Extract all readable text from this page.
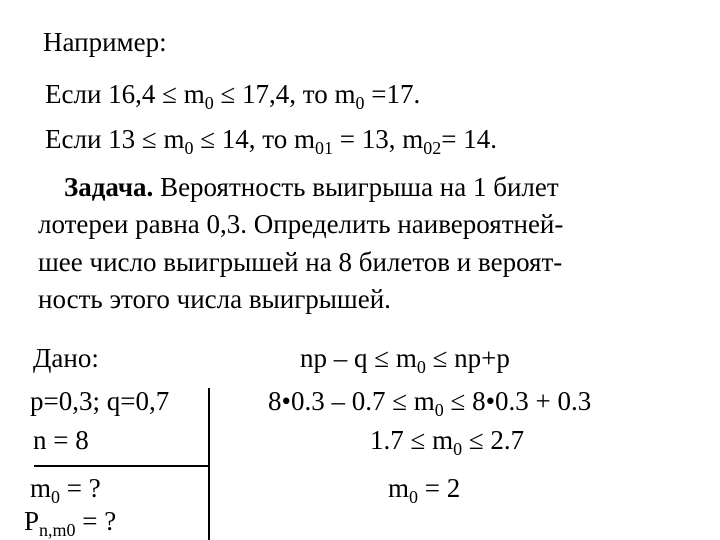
Например:
Если $16,4 \le m_0 \le 17,4$, то $m_0 =17$.
Если $13 \le m_0 \le 14$, то $m_{01} = 13$, $m_{02}= 14$.
Задача. Вероятность выигрыша на 1 билет
лотереи равна 0,3. Определить наивероятней-
шее число выигрышей на 8 билетов и вероят-
ность этого числа выигрышей.
Дано:
p=0,3; q=0,7
n = 8
$m_0$ = ?
$P_{n,m0}$ = ?
np – $q \le m_0 \le np+p$
8•0.3 – $0.7 \le m_0$ ≤ 8•0.3 + 0.3
$1.7 \le m_0 \le 2.7$
$m_0 = 2$
